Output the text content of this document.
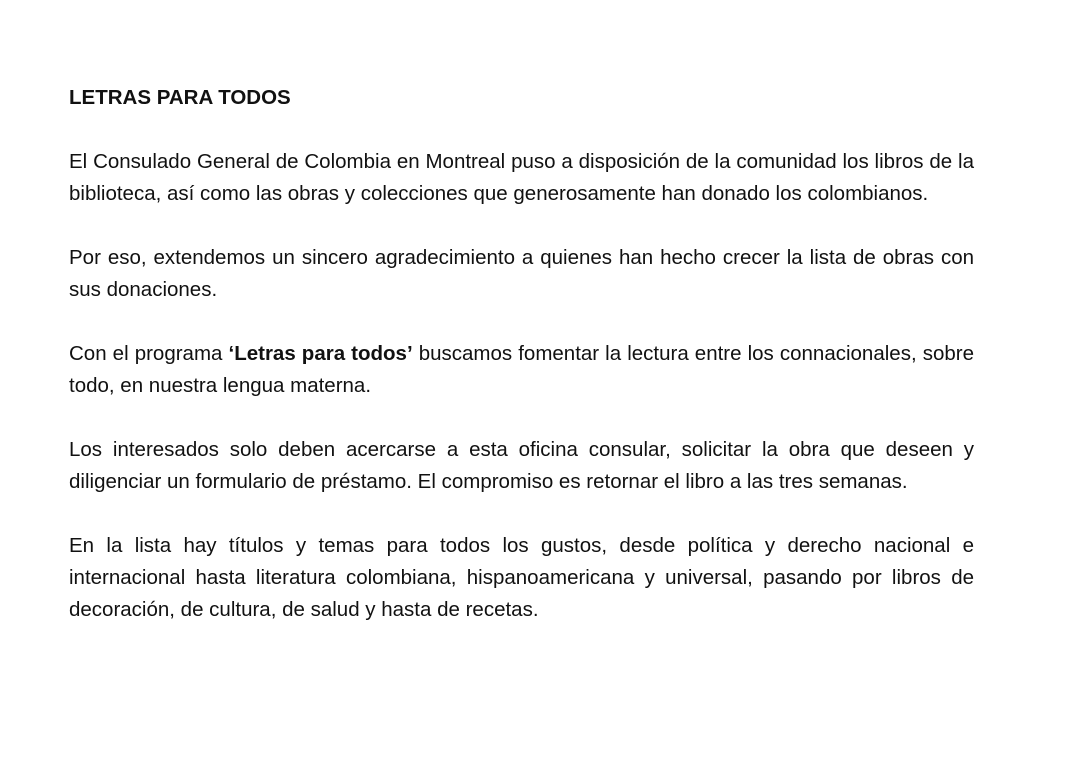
LETRAS PARA TODOS

El Consulado General de Colombia en Montreal puso a disposición de la comunidad los libros de la biblioteca, así como las obras y colecciones que generosamente han donado los colombianos.

Por eso, extendemos un sincero agradecimiento a quienes han hecho crecer la lista de obras con sus donaciones.

Con el programa ‘Letras para todos’ buscamos fomentar la lectura entre los connacionales, sobre todo, en nuestra lengua materna.

Los interesados solo deben acercarse a esta oficina consular, solicitar la obra que deseen y diligenciar un formulario de préstamo. El compromiso es retornar el libro a las tres semanas.

En la lista hay títulos y temas para todos los gustos, desde política y derecho nacional e internacional hasta literatura colombiana, hispanoamericana y universal, pasando por libros de decoración, de cultura, de salud y hasta de recetas.
